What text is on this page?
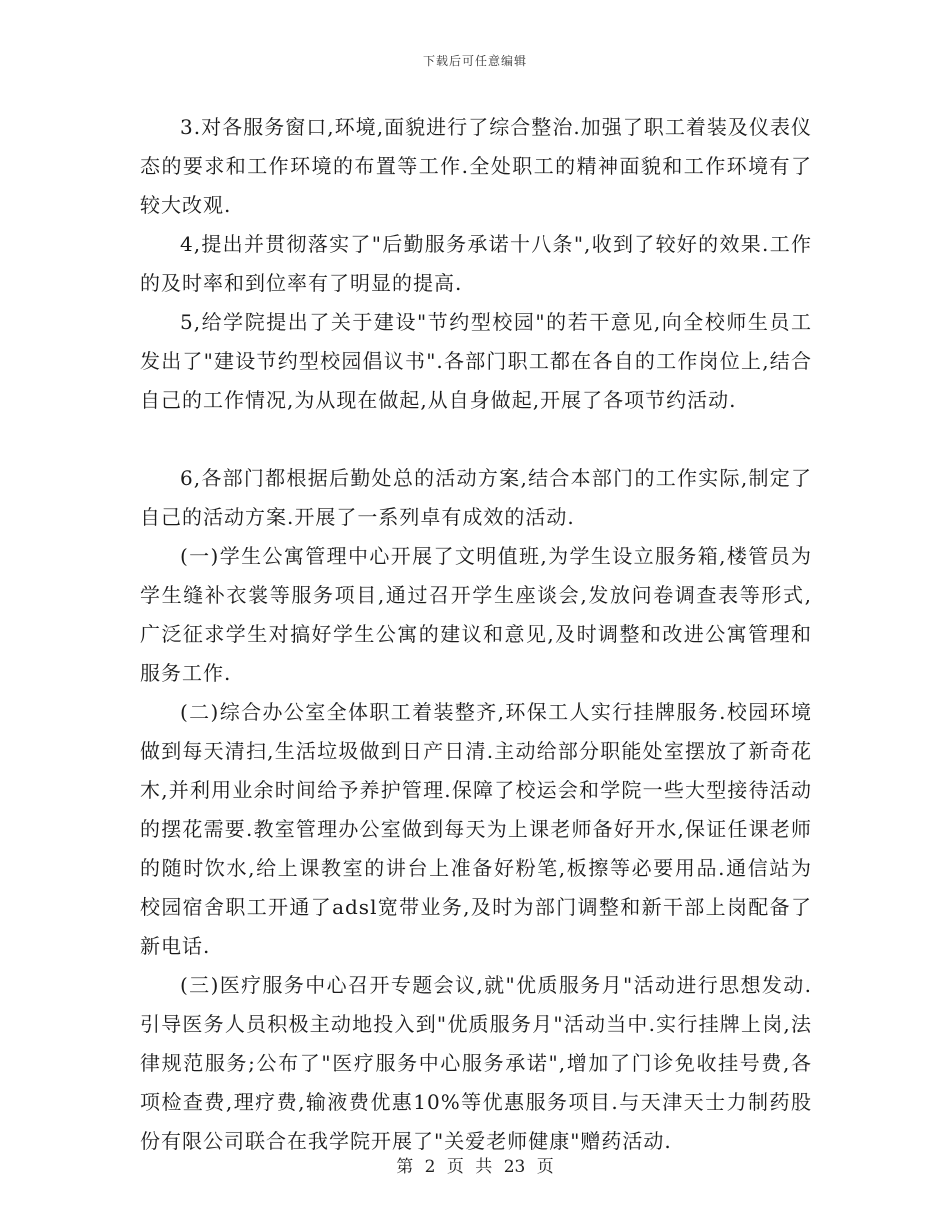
下载后可任意编辑

3.对各服务窗口,环境,面貌进行了综合整治.加强了职工着装及仪表仪态的要求和工作环境的布置等工作.全处职工的精神面貌和工作环境有了较大改观.

4,提出并贯彻落实了"后勤服务承诺十八条",收到了较好的效果.工作的及时率和到位率有了明显的提高.

5,给学院提出了关于建设"节约型校园"的若干意见,向全校师生员工发出了"建设节约型校园倡议书".各部门职工都在各自的工作岗位上,结合自己的工作情况,为从现在做起,从自身做起,开展了各项节约活动.

6,各部门都根据后勤处总的活动方案,结合本部门的工作实际,制定了自己的活动方案.开展了一系列卓有成效的活动.

(一)学生公寓管理中心开展了文明值班,为学生设立服务箱,楼管员为学生缝补衣裳等服务项目,通过召开学生座谈会,发放问卷调查表等形式,广泛征求学生对搞好学生公寓的建议和意见,及时调整和改进公寓管理和服务工作.

(二)综合办公室全体职工着装整齐,环保工人实行挂牌服务.校园环境做到每天清扫,生活垃圾做到日产日清.主动给部分职能处室摆放了新奇花木,并利用业余时间给予养护管理.保障了校运会和学院一些大型接待活动的摆花需要.教室管理办公室做到每天为上课老师备好开水,保证任课老师的随时饮水,给上课教室的讲台上准备好粉笔,板擦等必要用品.通信站为校园宿舍职工开通了adsl宽带业务,及时为部门调整和新干部上岗配备了新电话.

(三)医疗服务中心召开专题会议,就"优质服务月"活动进行思想发动.引导医务人员积极主动地投入到"优质服务月"活动当中.实行挂牌上岗,法律规范服务;公布了"医疗服务中心服务承诺",增加了门诊免收挂号费,各项检查费,理疗费,输液费优惠10%等优惠服务项目.与天津天士力制药股份有限公司联合在我学院开展了"关爱老师健康"赠药活动.

第 2 页 共 23 页
